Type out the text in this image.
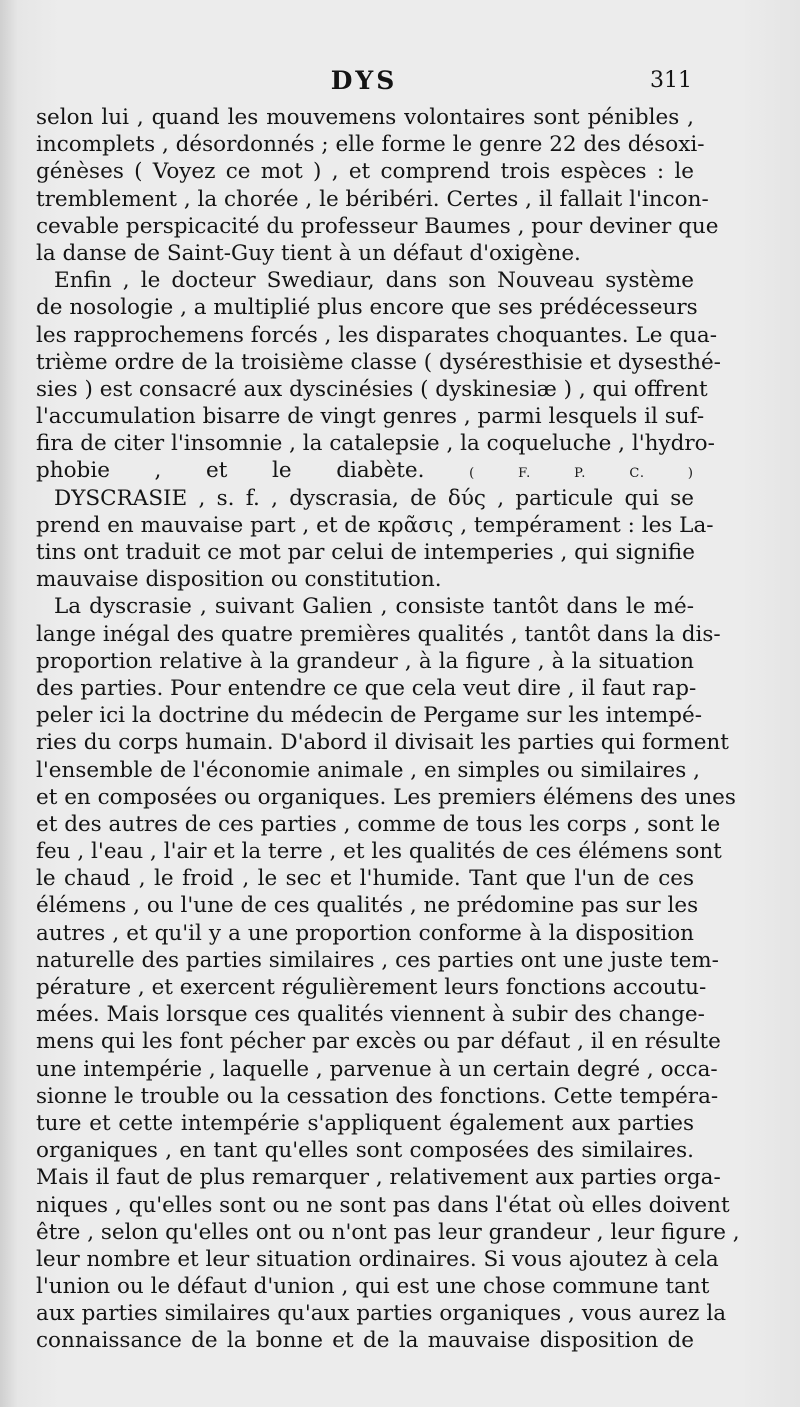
DYS	311
selon lui , quand les mouvemens volontaires sont pénibles ,
incomplets , désordonnés ; elle forme le genre 22 des désoxi-
génèses ( Voyez ce mot ) , et comprend trois espèces : le
tremblement , la chorée , le béribéri. Certes , il fallait l'incon-
cevable perspicacité du professeur Baumes , pour deviner que
la danse de Saint-Guy tient à un défaut d'oxigène.
Enfin , le docteur Swediaur, dans son Nouveau système
de nosologie , a multiplié plus encore que ses prédécesseurs
les rapprochemens forcés , les disparates choquantes. Le qua-
trième ordre de la troisième classe ( dyséresthisie et dysesthé-
sies ) est consacré aux dyscinésies ( dyskinesiæ ) , qui offrent
l'accumulation bisarre de vingt genres , parmi lesquels il suf-
fira de citer l'insomnie , la catalepsie , la coqueluche , l'hydro-
phobie , et le diabète.	( F. P. C. )
DYSCRASIE , s. f. , dyscrasia, de δύς , particule qui se
prend en mauvaise part , et de κρᾶσις , tempérament : les La-
tins ont traduit ce mot par celui de intemperies , qui signifie
mauvaise disposition ou constitution.
La dyscrasie , suivant Galien , consiste tantôt dans le mé-
lange inégal des quatre premières qualités , tantôt dans la dis-
proportion relative à la grandeur , à la figure , à la situation
des parties. Pour entendre ce que cela veut dire , il faut rap-
peler ici la doctrine du médecin de Pergame sur les intempé-
ries du corps humain. D'abord il divisait les parties qui forment
l'ensemble de l'économie animale , en simples ou similaires ,
et en composées ou organiques. Les premiers élémens des unes
et des autres de ces parties , comme de tous les corps , sont le
feu , l'eau , l'air et la terre , et les qualités de ces élémens sont
le chaud , le froid , le sec et l'humide. Tant que l'un de ces
élémens , ou l'une de ces qualités , ne prédomine pas sur les
autres , et qu'il y a une proportion conforme à la disposition
naturelle des parties similaires , ces parties ont une juste tem-
pérature , et exercent régulièrement leurs fonctions accoutu-
mées. Mais lorsque ces qualités viennent à subir des change-
mens qui les font pécher par excès ou par défaut , il en résulte
une intempérie , laquelle , parvenue à un certain degré , occa-
sionne le trouble ou la cessation des fonctions. Cette tempéra-
ture et cette intempérie s'appliquent également aux parties
organiques , en tant qu'elles sont composées des similaires.
Mais il faut de plus remarquer , relativement aux parties orga-
niques , qu'elles sont ou ne sont pas dans l'état où elles doivent
être , selon qu'elles ont ou n'ont pas leur grandeur , leur figure ,
leur nombre et leur situation ordinaires. Si vous ajoutez à cela
l'union ou le défaut d'union , qui est une chose commune tant
aux parties similaires qu'aux parties organiques , vous aurez la
connaissance de la bonne et de la mauvaise disposition de
